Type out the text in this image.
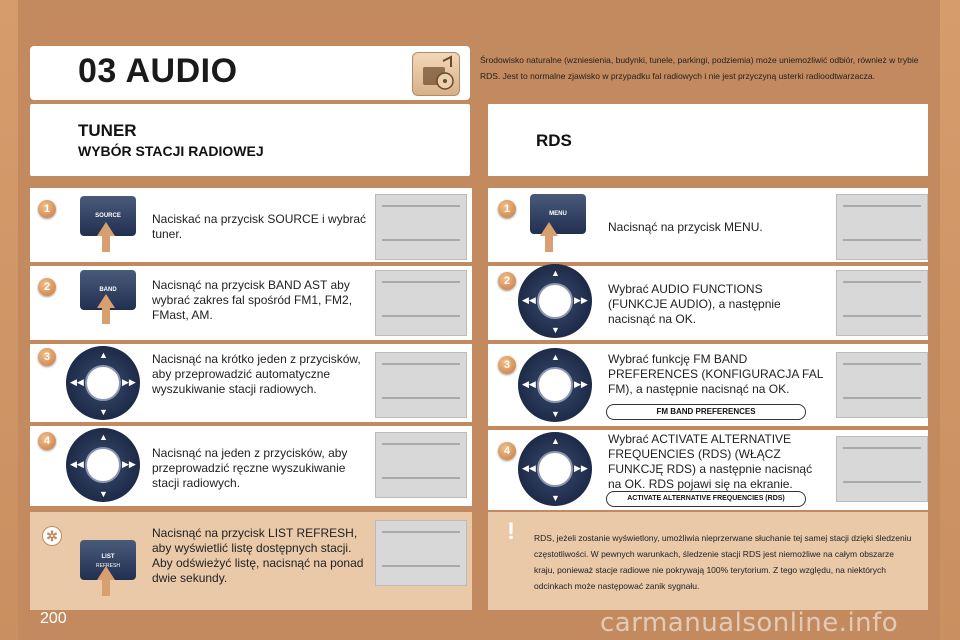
03 AUDIO	Środowisko naturalne (wzniesienia, budynki, tunele, parkingi, podziemia) może uniemożliwić odbiór, również w trybie RDS. Jest to normalne zjawisko w przypadku fal radiowych i nie jest przyczyną usterki radioodtwarzacza.
TUNER
WYBÓR STACJI RADIOWEJ
RDS
1
SOURCE	Naciskać na przycisk SOURCE i wybrać tuner.
2	BAND	Nacisnąć na przycisk BAND AST aby wybrać zakres fal spośród FM1, FM2, FMast, AM.
3	▲
▼
◀◀	▶▶
Nacisnąć na krótko jeden z przycisków, aby przeprowadzić automatyczne wyszukiwanie stacji radiowych.
4	▲
▼
◀◀	▶▶
Nacisnąć na jeden z przycisków, aby przeprowadzić ręczne wyszukiwanie stacji radiowych.
✲
LIST
REFRESH
Nacisnąć na przycisk LIST REFRESH, aby wyświetlić listę dostępnych stacji.
Aby odświeżyć listę, nacisnąć na ponad dwie sekundy.
1	MENU
Nacisnąć na przycisk MENU.
2
▲
▼
◀◀	▶▶
Wybrać AUDIO FUNCTIONS (FUNKCJE AUDIO), a następnie nacisnąć na OK.
3
▲
▼
◀◀	▶▶
Wybrać funkcję FM BAND PREFERENCES (KONFIGURACJA FAL FM), a następnie nacisnąć na OK.
FM BAND PREFERENCES
4
▲
▼
◀◀	▶▶
Wybrać ACTIVATE ALTERNATIVE FREQUENCIES (RDS) (WŁĄCZ FUNKCJĘ RDS) a następnie nacisnąć na OK. RDS pojawi się na ekranie.
ACTIVATE ALTERNATIVE FREQUENCIES (RDS)
!	RDS, jeżeli zostanie wyświetlony, umożliwia nieprzerwane słuchanie tej samej stacji dzięki śledzeniu częstotliwości. W pewnych warunkach, śledzenie stacji RDS jest niemożliwe na całym obszarze kraju, ponieważ stacje radiowe nie pokrywają 100% terytorium. Z tego względu, na niektórych odcinkach może następować zanik sygnału.
200	carmanualsonline.info
